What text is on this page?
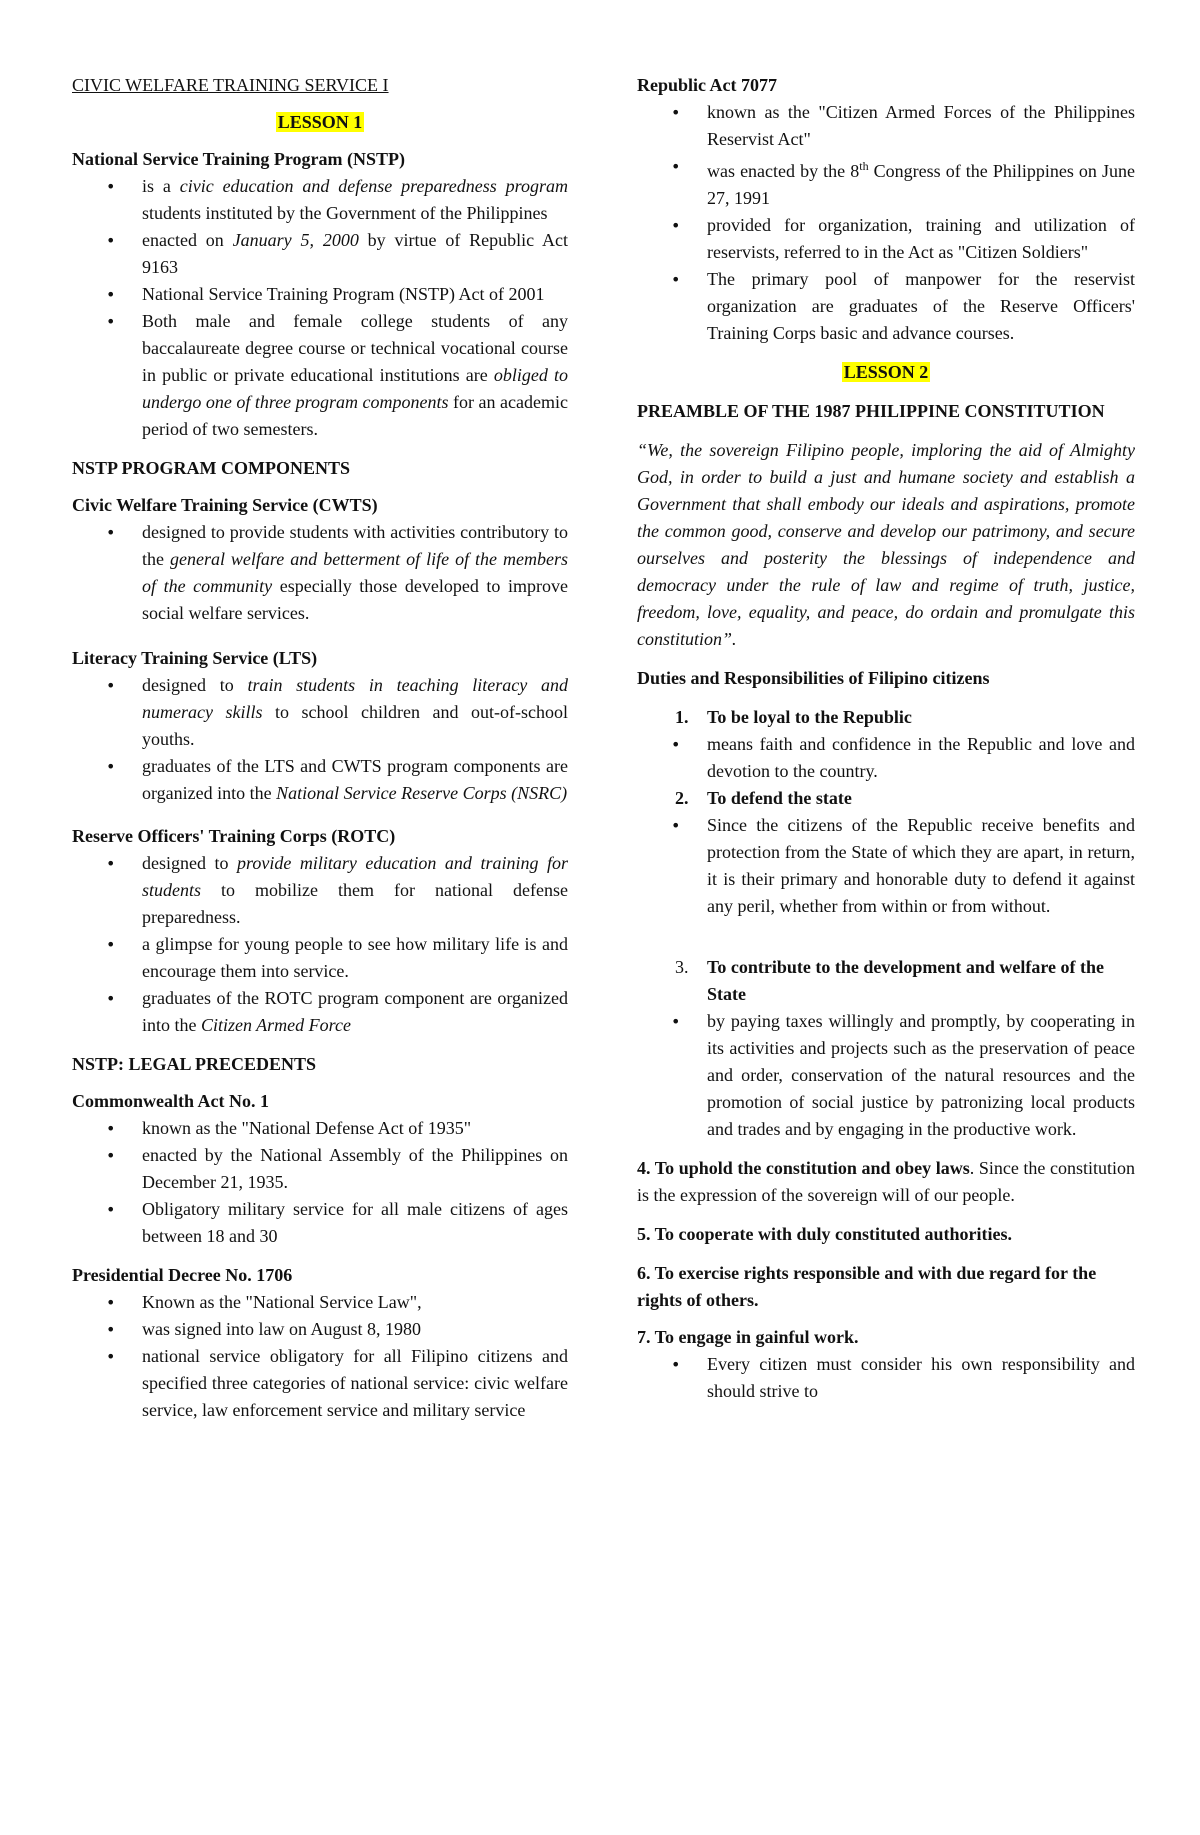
CIVIC WELFARE TRAINING SERVICE I
LESSON 1
National Service Training Program (NSTP)
• is a civic education and defense preparedness program students instituted by the Government of the Philippines
• enacted on January 5, 2000 by virtue of Republic Act 9163
• National Service Training Program (NSTP) Act of 2001
• Both male and female college students of any baccalaureate degree course or technical vocational course in public or private educational institutions are obliged to undergo one of three program components for an academic period of two semesters.
NSTP PROGRAM COMPONENTS
Civic Welfare Training Service (CWTS)
• designed to provide students with activities contributory to the general welfare and betterment of life of the members of the community especially those developed to improve social welfare services.
Literacy Training Service (LTS)
• designed to train students in teaching literacy and numeracy skills to school children and out-of-school youths.
• graduates of the LTS and CWTS program components are organized into the National Service Reserve Corps (NSRC)
Reserve Officers' Training Corps (ROTC)
• designed to provide military education and training for students to mobilize them for national defense preparedness.
• a glimpse for young people to see how military life is and encourage them into service.
• graduates of the ROTC program component are organized into the Citizen Armed Force
NSTP: LEGAL PRECEDENTS
Commonwealth Act No. 1
• known as the "National Defense Act of 1935"
• enacted by the National Assembly of the Philippines on December 21, 1935.
• Obligatory military service for all male citizens of ages between 18 and 30
Presidential Decree No. 1706
• Known as the "National Service Law",
• was signed into law on August 8, 1980
• national service obligatory for all Filipino citizens and specified three categories of national service: civic welfare service, law enforcement service and military service
Republic Act 7077
• known as the "Citizen Armed Forces of the Philippines Reservist Act"
• was enacted by the 8th Congress of the Philippines on June 27, 1991
• provided for organization, training and utilization of reservists, referred to in the Act as "Citizen Soldiers"
• The primary pool of manpower for the reservist organization are graduates of the Reserve Officers' Training Corps basic and advance courses.
LESSON 2
PREAMBLE OF THE 1987 PHILIPPINE CONSTITUTION
“We, the sovereign Filipino people, imploring the aid of Almighty God, in order to build a just and humane society and establish a Government that shall embody our ideals and aspirations, promote the common good, conserve and develop our patrimony, and secure ourselves and posterity the blessings of independence and democracy under the rule of law and regime of truth, justice, freedom, love, equality, and peace, do ordain and promulgate this constitution”.
Duties and Responsibilities of Filipino citizens
1. To be loyal to the Republic
• means faith and confidence in the Republic and love and devotion to the country.
2. To defend the state
• Since the citizens of the Republic receive benefits and protection from the State of which they are apart, in return, it is their primary and honorable duty to defend it against any peril, whether from within or from without.
3. To contribute to the development and welfare of the State
• by paying taxes willingly and promptly, by cooperating in its activities and projects such as the preservation of peace and order, conservation of the natural resources and the promotion of social justice by patronizing local products and trades and by engaging in the productive work.
4. To uphold the constitution and obey laws. Since the constitution is the expression of the sovereign will of our people.
5. To cooperate with duly constituted authorities.
6. To exercise rights responsible and with due regard for the rights of others.
7. To engage in gainful work.
• Every citizen must consider his own responsibility and should strive to
